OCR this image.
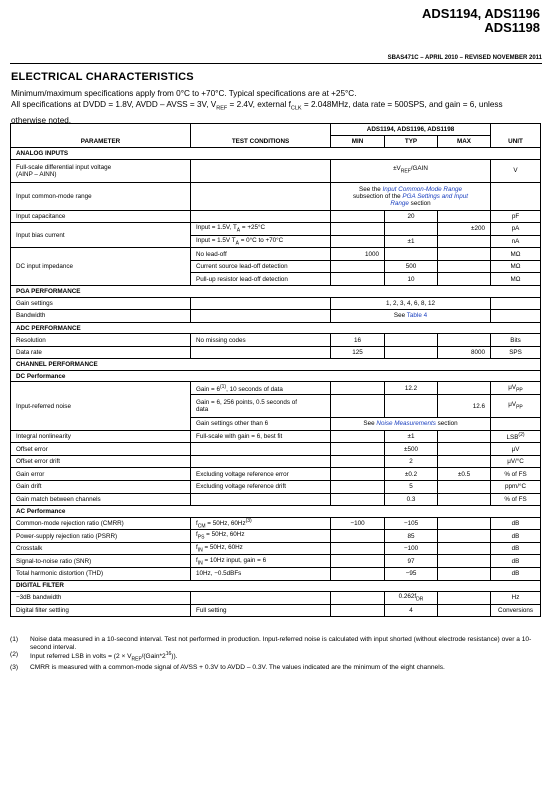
ADS1194, ADS1196
ADS1198
SBAS471C – APRIL 2010 – REVISED NOVEMBER 2011
ELECTRICAL CHARACTERISTICS
Minimum/maximum specifications apply from 0°C to +70°C. Typical specifications are at +25°C.
All specifications at DVDD = 1.8V, AVDD – AVSS = 3V, $V_{REF} = 2.4V$, external $f_{CLK} = 2.048MHz$, data rate = 500SPS, and gain = 6, unless otherwise noted.
PARAMETER	TEST CONDITIONS	ADS1194, ADS1196, ADS1198			UNIT
		MIN	TYP	MAX	
ANALOG INPUTS					
Full-scale differential input voltage
(AINP – AINN)		$\pm V_{REF}$/GAIN			V
Input common-mode range		See the Input Common-Mode Range
subsection of the PGA Settings and Input
Range section			
Input capacitance			20		pF
Input bias current	Input = 1.5V, $T_A = +25^\circ C$			±200	pA
	Input = 1.5V $T_A = 0^\circ C$ to +70°C		±1		nA
DC input impedance	No lead-off	1000			MΩ
	Current source lead-off detection		500		MΩ
	Pull-up resistor lead-off detection		10		MΩ
PGA PERFORMANCE					
Gain settings		1, 2, 3, 4, 6, 8, 12			
Bandwidth		See Table 4			
ADC PERFORMANCE					
Resolution	No missing codes	16			Bits
Data rate		125		8000	SPS
CHANNEL PERFORMANCE					
DC Performance					
Input-referred noise	Gain = $6^{(1)}$, 10 seconds of data		12.2		$\mu V_{PP}$
	Gain = 6, 256 points, 0.5 seconds of
data			12.6	$\mu V_{PP}$
	Gain settings other than 6	See Noise Measurements section			
Integral nonlinearity	Full-scale with gain = 6, best fit		±1		LSB$^{(2)}$
Offset error			±500		μV
Offset error drift			2		μV/°C
Gain error	Excluding voltage reference error		±0.2	±0.5	% of FS
Gain drift	Excluding voltage reference drift		5		ppm/°C
Gain match between channels			0.3		% of FS
AC Performance					
Common-mode rejection ratio (CMRR)	$f_{CM} = 50Hz$, $60Hz^{(3)}$	−100	−105		dB
Power-supply rejection ratio (PSRR)	$f_{PS} = 50Hz$, 60Hz		85		dB
Crosstalk	$f_{IN} = 50Hz$, 60Hz		−100		dB
Signal-to-noise ratio (SNR)	$f_{IN} = 10Hz$ input, gain = 6		97		dB
Total harmonic distortion (THD)	10Hz, −0.5dBFs		−95		dB
DIGITAL FILTER					
−3dB bandwidth			$0.262f_{DR}$		Hz
Digital filter settling	Full setting		4		Conversions
(1)	Noise data measured in a 10-second interval. Test not performed in production. Input-referred noise is calculated with input shorted (without electrode resistance) over a 10-second interval.
(2)	Input referred LSB in volts = $(2 \times V_{REF}/(Gain*2^{16}))$.
(3)	CMRR is measured with a common-mode signal of AVSS + 0.3V to AVDD – 0.3V. The values indicated are the minimum of the eight channels.
